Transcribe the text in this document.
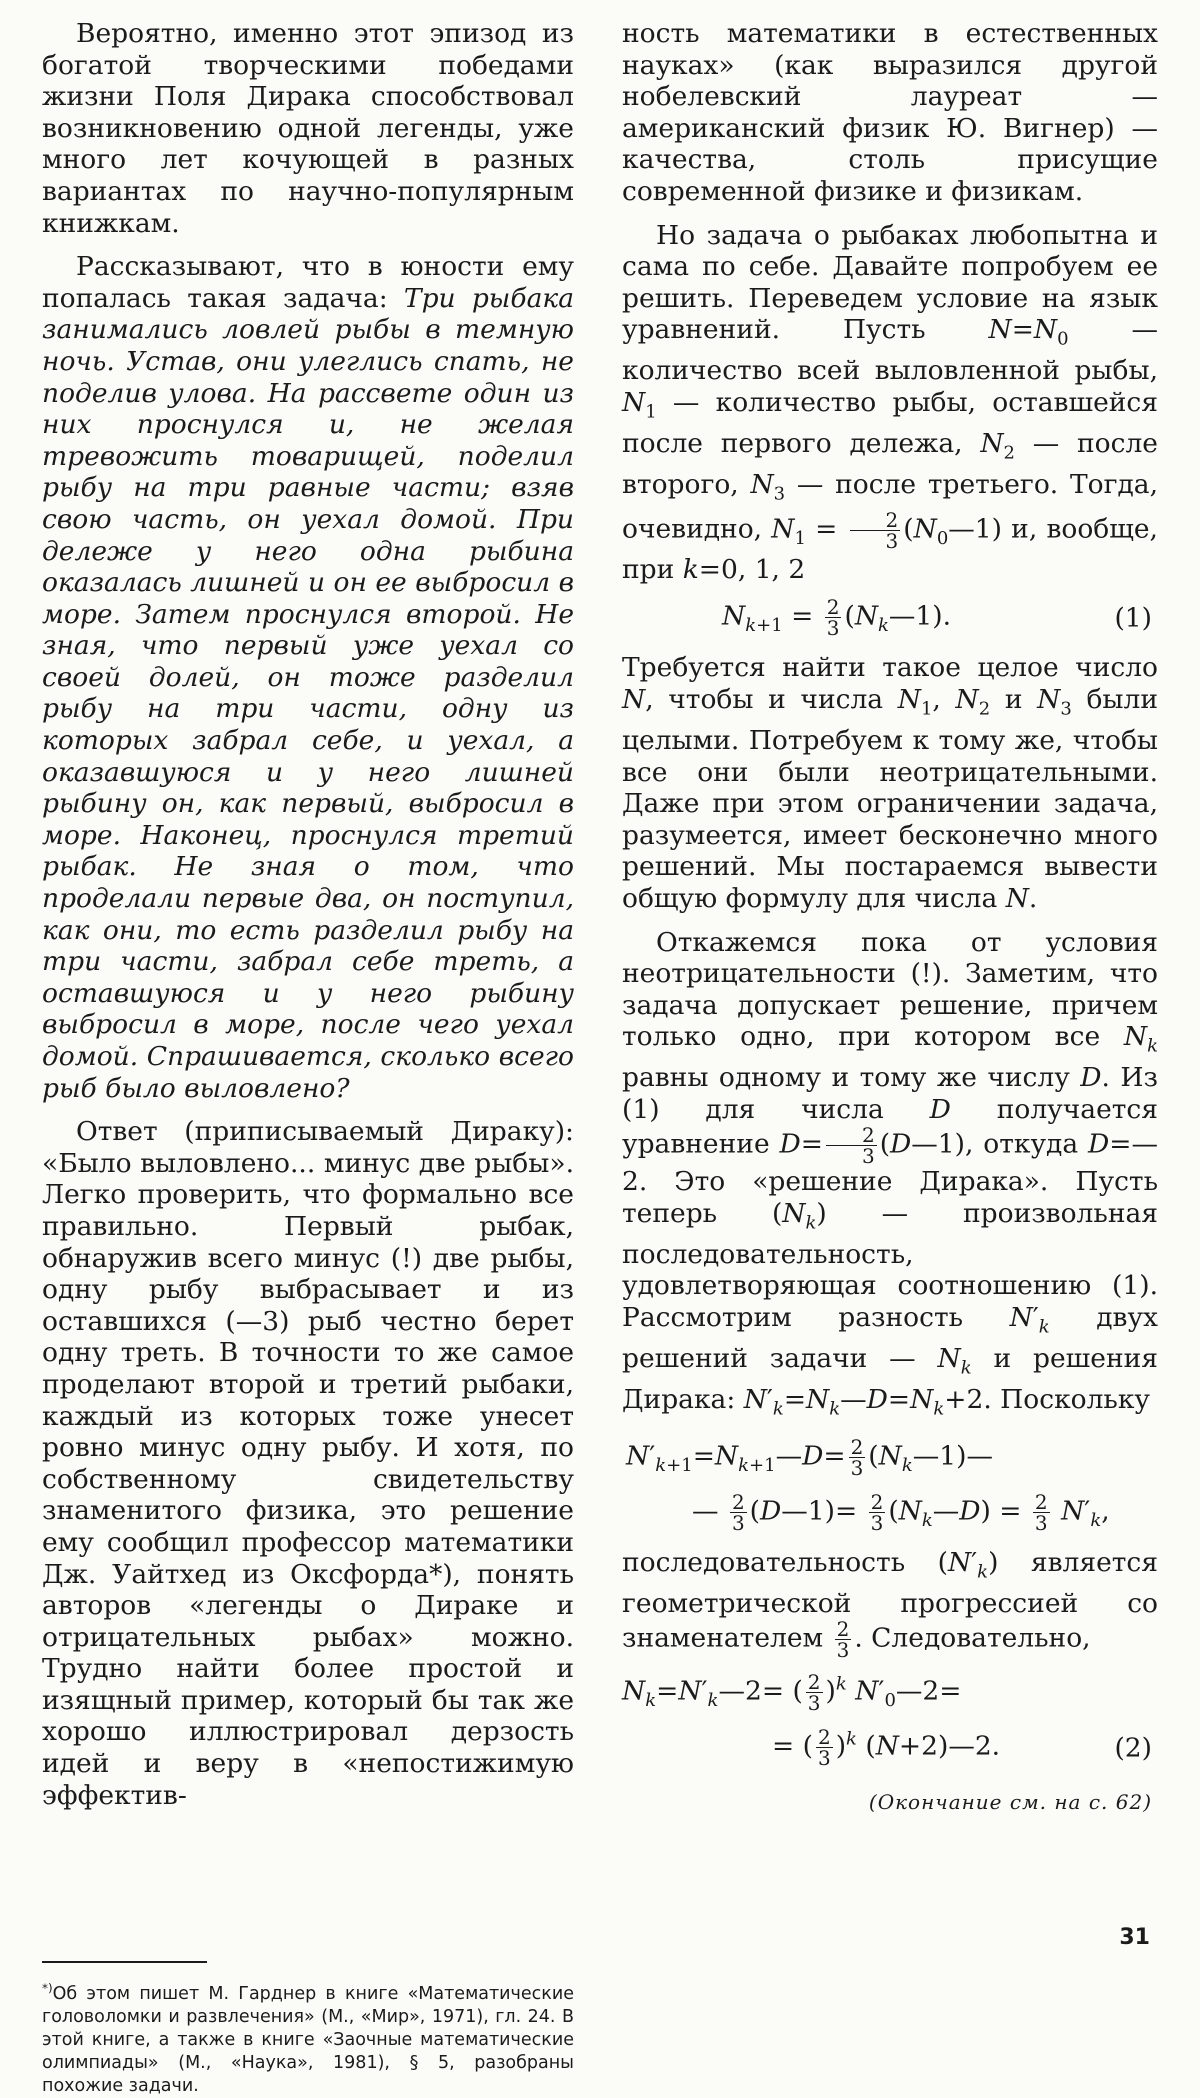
Вероятно, именно этот эпизод из богатой творческими победами жизни Поля Дирака способствовал возникновению одной легенды, уже много лет кочующей в разных вариантах по научно-популярным книжкам.

Рассказывают, что в юности ему попалась такая задача: Три рыбака занимались ловлей рыбы в темную ночь. Устав, они улеглись спать, не поделив улова. На рассвете один из них проснулся и, не желая тревожить товарищей, поделил рыбу на три равные части; взяв свою часть, он уехал домой. При дележе у него одна рыбина оказалась лишней и он ее выбросил в море. Затем проснулся второй. Не зная, что первый уже уехал со своей долей, он тоже разделил рыбу на три части, одну из которых забрал себе, и уехал, а оказавшуюся и у него лишней рыбину он, как первый, выбросил в море. Наконец, проснулся третий рыбак. Не зная о том, что проделали первые два, он поступил, как они, то есть разделил рыбу на три части, забрал себе треть, а оставшуюся и у него рыбину выбросил в море, после чего уехал домой. Спрашивается, сколько всего рыб было выловлено?

Ответ (приписываемый Дираку): «Было выловлено... минус две рыбы». Легко проверить, что формально все правильно. Первый рыбак, обнаружив всего минус (!) две рыбы, одну рыбу выбрасывает и из оставшихся (—3) рыб честно берет одну треть. В точности то же самое проделают второй и третий рыбаки, каждый из которых тоже унесет ровно минус одну рыбу. И хотя, по собственному свидетельству знаменитого физика, это решение ему сообщил профессор математики Дж. Уайтхед из Оксфорда*), понять авторов «легенды о Дираке и отрицательных рыбах» можно. Трудно найти более простой и изящный пример, который бы так же хорошо иллюстрировал дерзость идей и веру в «непостижимую эффектив-

*)Об этом пишет М. Гарднер в книге «Математические головоломки и развлечения» (М., «Мир», 1971), гл. 24. В этой книге, а также в книге «Заочные математические олимпиады» (М., «Наука», 1981), § 5, разобраны похожие задачи.

ность математики в естественных науках» (как выразился другой нобелевский лауреат — американский физик Ю. Вигнер) — качества, столь присущие современной физике и физикам.

Но задача о рыбаках любопытна и сама по себе. Давайте попробуем ее решить. Переведем условие на язык уравнений. Пусть $N=N_0$ — количество всей выловленной рыбы, $N_1$ — количество рыбы, оставшейся после первого дележа, $N_2$ — после второго, $N_3$ — после третьего. Тогда, очевидно, $N_1 = \frac{2}{3}$ $(N_0—1)$ и, вообще, при k=0, 1, 2

$N_{k+1} = \frac{2}{3}$ $(N_k—1)$.	(1)

Требуется найти такое целое число N, чтобы и числа $N_1$, $N_2$ и $N_3$ были целыми. Потребуем к тому же, чтобы все они были неотрицательными. Даже при этом ограничении задача, разумеется, имеет бесконечно много решений. Мы постараемся вывести общую формулу для числа N.

Откажемся пока от условия неотрицательности (!). Заметим, что задача допускает решение, причем только одно, при котором все $N_k$ равны одному и тому же числу D. Из (1) для числа D получается уравнение $D= \frac{2}{3}$ (D—1), откуда D=—2. Это «решение Дирака». Пусть теперь $(N_k)$ — произвольная последовательность, удовлетворяющая соотношению (1). Рассмотрим разность $N'_k$ двух решений задачи — $N_k$ и решения Дирака: $N'_k=N_k—D=N_k+2$. Поскольку

$N'_{k+1}=N_{k+1}—D= \frac{2}{3}$ $(N_k—1)—$
— $\frac{2}{3}$ (D—1)= $\frac{2}{3}$ $(N_k—D) = \frac{2}{3} N'_k$,

последовательность $(N'_k)$ является геометрической прогрессией со знаменателем $\frac{2}{3}$ . Следовательно,

$N_k=N'_k—2=$ ( $\frac{2}{3} )^k$ $N'_0—2=$
= ( $\frac{2}{3} )^k$ (N+2)—2.	(2)

(Окончание см. на с. 62)

31
